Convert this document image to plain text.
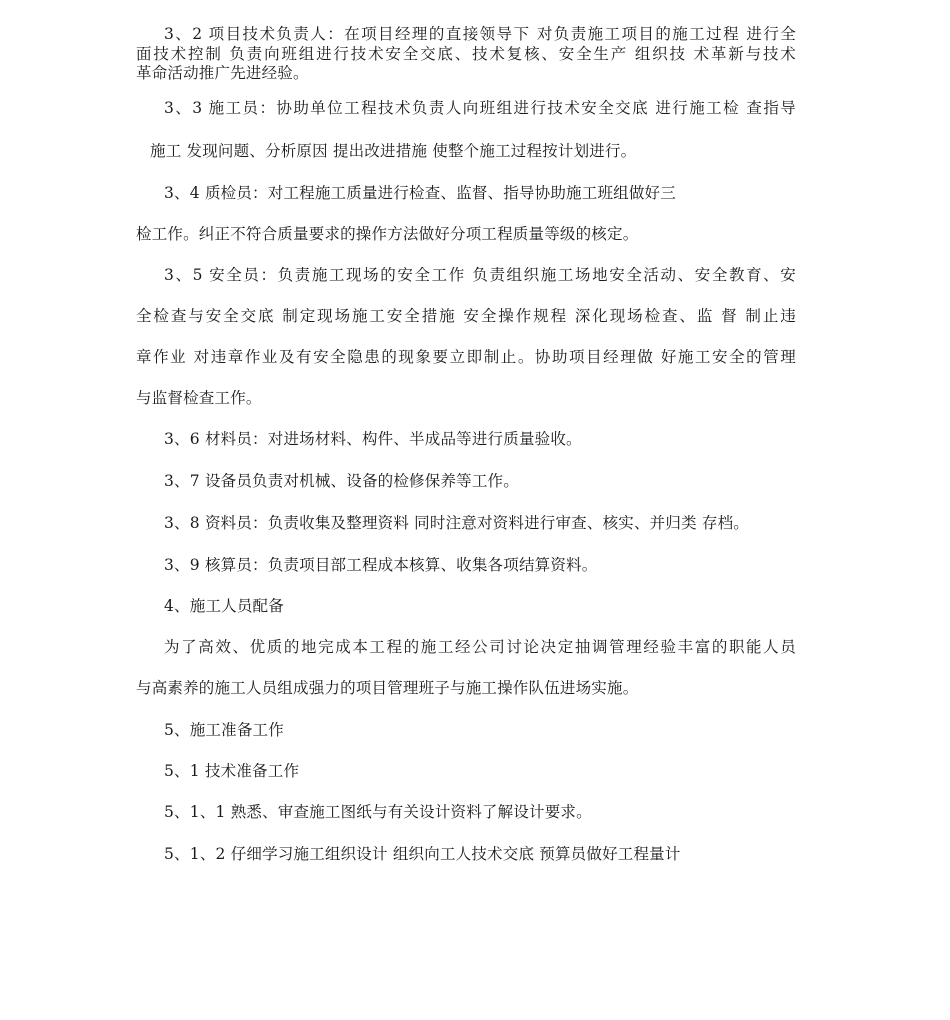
3、2 项目技术负责人：在项目经理的直接领导下 对负责施工项目的施工过程 进行全
面技术控制 负责向班组进行技术安全交底、技术复核、安全生产 组织技 术革新与技术
革命活动推广先进经验。
3、3 施工员：协助单位工程技术负责人向班组进行技术安全交底 进行施工检 查指导
施工 发现问题、分析原因 提出改进措施 使整个施工过程按计划进行。
3、4 质检员：对工程施工质量进行检查、监督、指导协助施工班组做好三
检工作。纠正不符合质量要求的操作方法做好分项工程质量等级的核定。
3、5 安全员：负责施工现场的安全工作 负责组织施工场地安全活动、安全教育、安
全检查与安全交底 制定现场施工安全措施 安全操作规程 深化现场检查、监 督 制止违
章作业 对违章作业及有安全隐患的现象要立即制止。协助项目经理做 好施工安全的管理
与监督检查工作。
3、6 材料员：对进场材料、构件、半成品等进行质量验收。
3、7 设备员负责对机械、设备的检修保养等工作。
3、8 资料员：负责收集及整理资料 同时注意对资料进行审查、核实、并归类 存档。
3、9 核算员：负责项目部工程成本核算、收集各项结算资料。
4、施工人员配备
为了高效、优质的地完成本工程的施工经公司讨论决定抽调管理经验丰富的职能人员
与高素养的施工人员组成强力的项目管理班子与施工操作队伍进场实施。
5、施工准备工作
5、1 技术准备工作
5、1、1 熟悉、审查施工图纸与有关设计资料了解设计要求。
5、1、2 仔细学习施工组织设计 组织向工人技术交底 预算员做好工程量计
